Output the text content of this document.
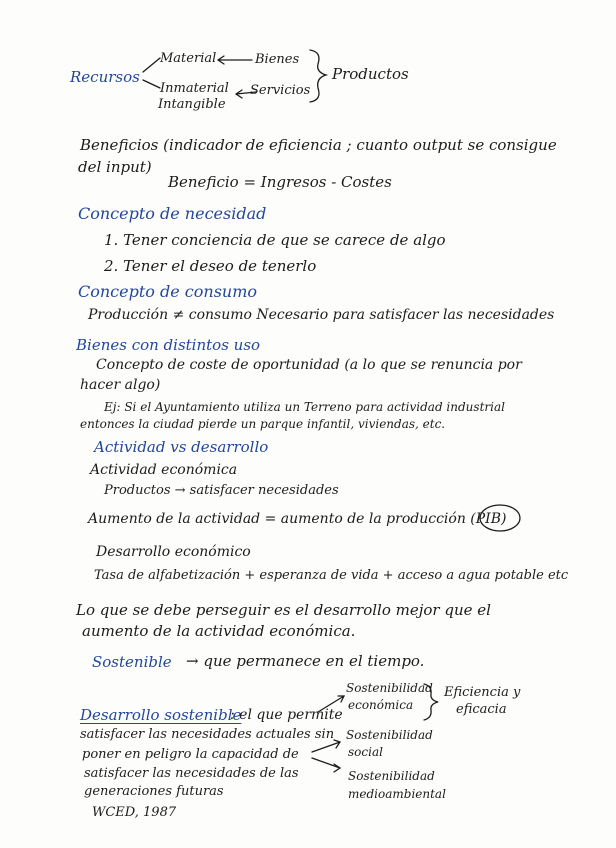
Recursos
Material	Bienes
Inmaterial Servicios
Intangible
Productos
Beneficios (indicador de eficiencia ; cuanto output se consigue
del input)
Beneficio = Ingresos - Costes
Concepto de necesidad
1. Tener conciencia de que se carece de algo
2. Tener el deseo de tenerlo
Concepto de consumo
Producción ≠ consumo Necesario para satisfacer las necesidades
Bienes con distintos uso
Concepto de coste de oportunidad (a lo que se renuncia por
hacer algo)
Ej: Si el Ayuntamiento utiliza un Terreno para actividad industrial
entonces la ciudad pierde un parque infantil, viviendas, etc.
Actividad vs desarrollo
Actividad económica
Productos → satisfacer necesidades
Aumento de la actividad = aumento de la producción (PIB)
Desarrollo económico
Tasa de alfabetización + esperanza de vida + acceso a agua potable etc
Lo que se debe perseguir es el desarrollo mejor que el
aumento de la actividad económica.
Sostenible → que permanece en el tiempo.
Desarrollo sostenible
: el que permite
satisfacer las necesidades actuales sin
poner en peligro la capacidad de
satisfacer las necesidades de las
generaciones futuras
WCED, 1987
Sostenibilidad
económica
Sostenibilidad
social
Sostenibilidad
medioambiental
Eficiencia y
eficacia
